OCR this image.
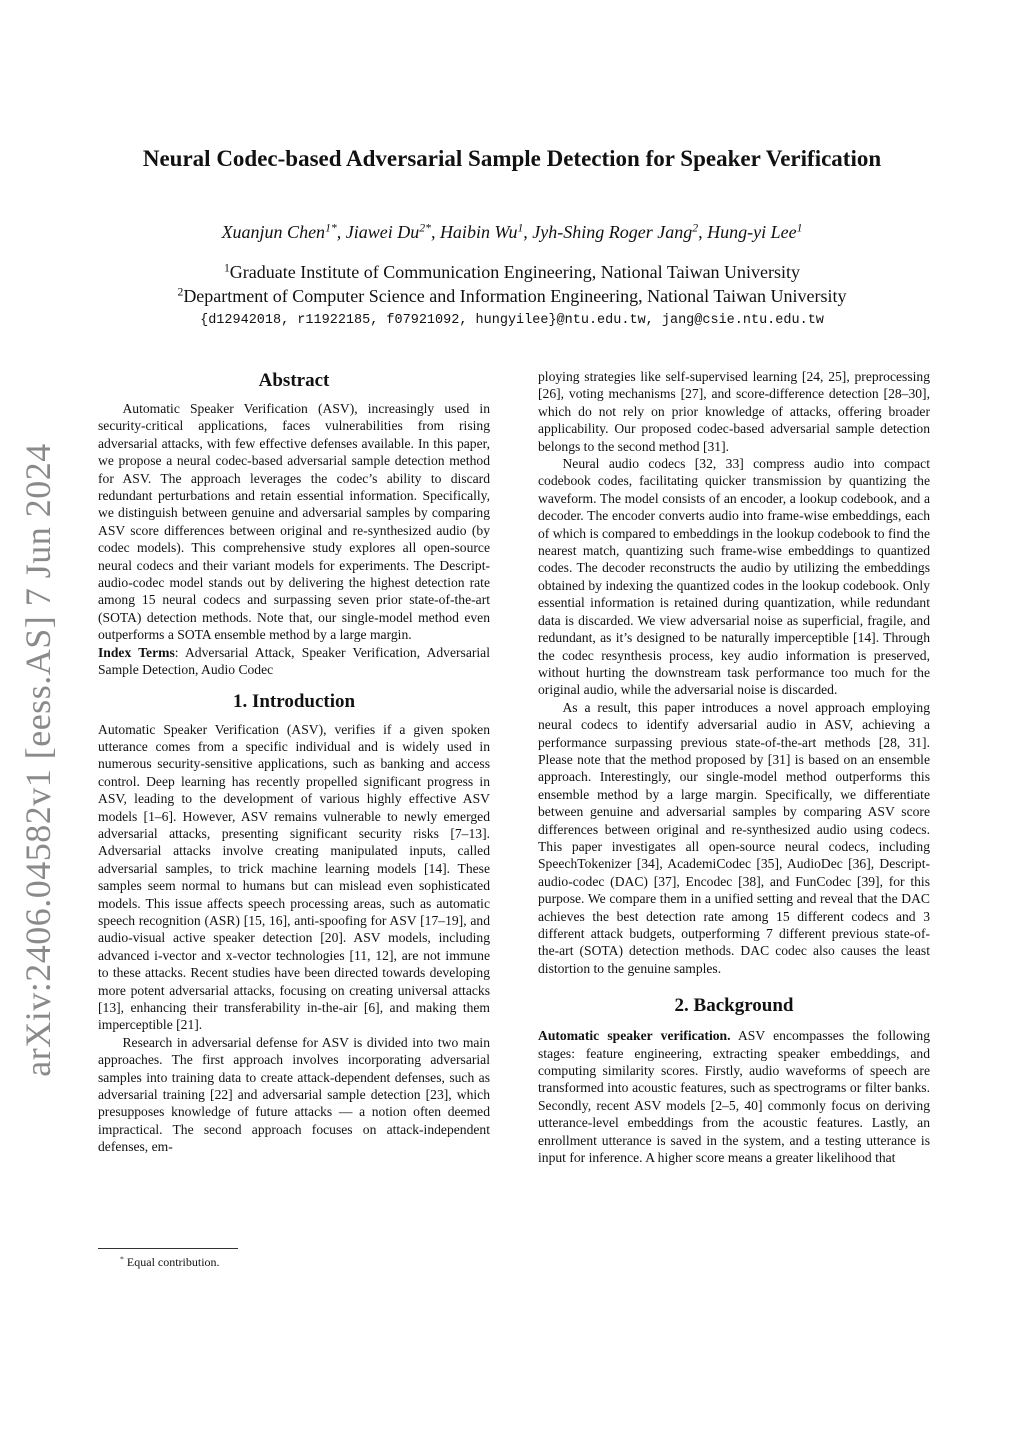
arXiv:2406.04582v1 [eess.AS] 7 Jun 2024
Neural Codec-based Adversarial Sample Detection for Speaker Verification
Xuanjun Chen$^{1*}$, Jiawei $Du^{2*}$, Haibin Wu$^1$, Jyh-Shing Roger Jang$^2$, Hung-yi Lee$^1$
$^1$Graduate Institute of Communication Engineering, National Taiwan University
$^2$Department of Computer Science and Information Engineering, National Taiwan University
{d12942018, r11922185, f07921092, hungyilee}@ntu.edu.tw, jang@csie.ntu.edu.tw
Abstract

Automatic Speaker Verification (ASV), increasingly used in security-critical applications, faces vulnerabilities from rising adversarial attacks, with few effective defenses available. In this paper, we propose a neural codec-based adversarial sample detection method for ASV. The approach leverages the codec’s ability to discard redundant perturbations and retain essential information. Specifically, we distinguish between genuine and adversarial samples by comparing ASV score differences between original and re-synthesized audio (by codec models). This comprehensive study explores all open-source neural codecs and their variant models for experiments. The Descript-audio-codec model stands out by delivering the highest detection rate among 15 neural codecs and surpassing seven prior state-of-the-art (SOTA) detection methods. Note that, our single-model method even outperforms a SOTA ensemble method by a large margin.

Index Terms: Adversarial Attack, Speaker Verification, Adversarial Sample Detection, Audio Codec

1. Introduction

Automatic Speaker Verification (ASV), verifies if a given spoken utterance comes from a specific individual and is widely used in numerous security-sensitive applications, such as banking and access control. Deep learning has recently propelled significant progress in ASV, leading to the development of various highly effective ASV models [1–6]. However, ASV remains vulnerable to newly emerged adversarial attacks, presenting significant security risks [7–13]. Adversarial attacks involve creating manipulated inputs, called adversarial samples, to trick machine learning models [14]. These samples seem normal to humans but can mislead even sophisticated models. This issue affects speech processing areas, such as automatic speech recognition (ASR) [15, 16], anti-spoofing for ASV [17–19], and audio-visual active speaker detection [20]. ASV models, including advanced i-vector and x-vector technologies [11, 12], are not immune to these attacks. Recent studies have been directed towards developing more potent adversarial attacks, focusing on creating universal attacks [13], enhancing their transferability in-the-air [6], and making them imperceptible [21].

Research in adversarial defense for ASV is divided into two main approaches. The first approach involves incorporating adversarial samples into training data to create attack-dependent defenses, such as adversarial training [22] and adversarial sample detection [23], which presupposes knowledge of future attacks — a notion often deemed impractical. The second approach focuses on attack-independent defenses, em-

* Equal contribution.

ploying strategies like self-supervised learning [24, 25], preprocessing [26], voting mechanisms [27], and score-difference detection [28–30], which do not rely on prior knowledge of attacks, offering broader applicability. Our proposed codec-based adversarial sample detection belongs to the second method [31].

Neural audio codecs [32, 33] compress audio into compact codebook codes, facilitating quicker transmission by quantizing the waveform. The model consists of an encoder, a lookup codebook, and a decoder. The encoder converts audio into frame-wise embeddings, each of which is compared to embeddings in the lookup codebook to find the nearest match, quantizing such frame-wise embeddings to quantized codes. The decoder reconstructs the audio by utilizing the embeddings obtained by indexing the quantized codes in the lookup codebook. Only essential information is retained during quantization, while redundant data is discarded. We view adversarial noise as superficial, fragile, and redundant, as it’s designed to be naturally imperceptible [14]. Through the codec resynthesis process, key audio information is preserved, without hurting the downstream task performance too much for the original audio, while the adversarial noise is discarded.

As a result, this paper introduces a novel approach employing neural codecs to identify adversarial audio in ASV, achieving a performance surpassing previous state-of-the-art methods [28, 31]. Please note that the method proposed by [31] is based on an ensemble approach. Interestingly, our single-model method outperforms this ensemble method by a large margin. Specifically, we differentiate between genuine and adversarial samples by comparing ASV score differences between original and re-synthesized audio using codecs. This paper investigates all open-source neural codecs, including SpeechTokenizer [34], AcademiCodec [35], AudioDec [36], Descript-audio-codec (DAC) [37], Encodec [38], and FunCodec [39], for this purpose. We compare them in a unified setting and reveal that the DAC achieves the best detection rate among 15 different codecs and 3 different attack budgets, outperforming 7 different previous state-of-the-art (SOTA) detection methods. DAC codec also causes the least distortion to the genuine samples.

2. Background

Automatic speaker verification. ASV encompasses the following stages: feature engineering, extracting speaker embeddings, and computing similarity scores. Firstly, audio waveforms of speech are transformed into acoustic features, such as spectrograms or filter banks. Secondly, recent ASV models [2–5, 40] commonly focus on deriving utterance-level embeddings from the acoustic features. Lastly, an enrollment utterance is saved in the system, and a testing utterance is input for inference. A higher score means a greater likelihood that
